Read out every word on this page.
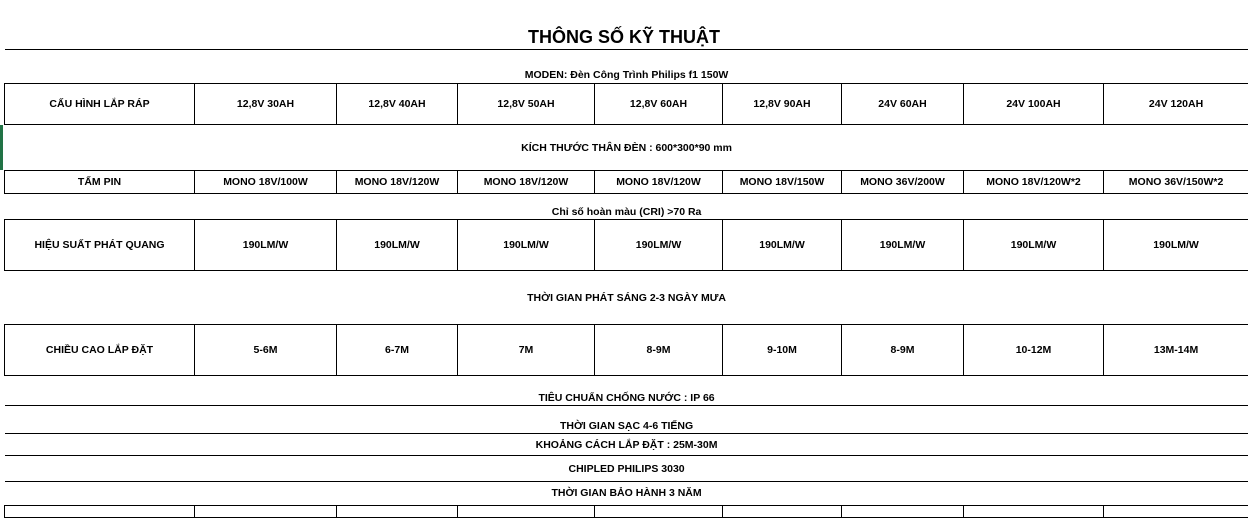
THÔNG SỐ KỸ THUẬT
MODEN: Đèn Công Trình Philips f1 150W								
CẤU HÌNH LẮP RÁP	12,8V 30AH	12,8V 40AH	12,8V 50AH	12,8V 60AH	12,8V 90AH	24V 60AH	24V 100AH	24V 120AH
KÍCH THƯỚC THÂN ĐÈN : 600*300*90 mm								
TẤM PIN	MONO 18V/100W	MONO 18V/120W	MONO 18V/120W	MONO 18V/120W	MONO 18V/150W	MONO 36V/200W	MONO 18V/120W*2	MONO 36V/150W*2
Chỉ số hoàn màu (CRI) >70 Ra								
HIỆU SUẤT PHÁT QUANG	190LM/W	190LM/W	190LM/W	190LM/W	190LM/W	190LM/W	190LM/W	190LM/W
THỜI GIAN PHÁT SÁNG 2-3 NGÀY MƯA								
CHIỀU CAO LẮP ĐẶT	5-6M	6-7M	7M	8-9M	9-10M	8-9M	10-12M	13M-14M
TIÊU CHUẨN CHỐNG NƯỚC : IP 66								
THỜI GIAN SẠC 4-6 TIẾNG								
KHOẢNG CÁCH LẮP ĐẶT : 25M-30M								
CHIPLED PHILIPS 3030								
THỜI GIAN BẢO HÀNH 3 NĂM								
